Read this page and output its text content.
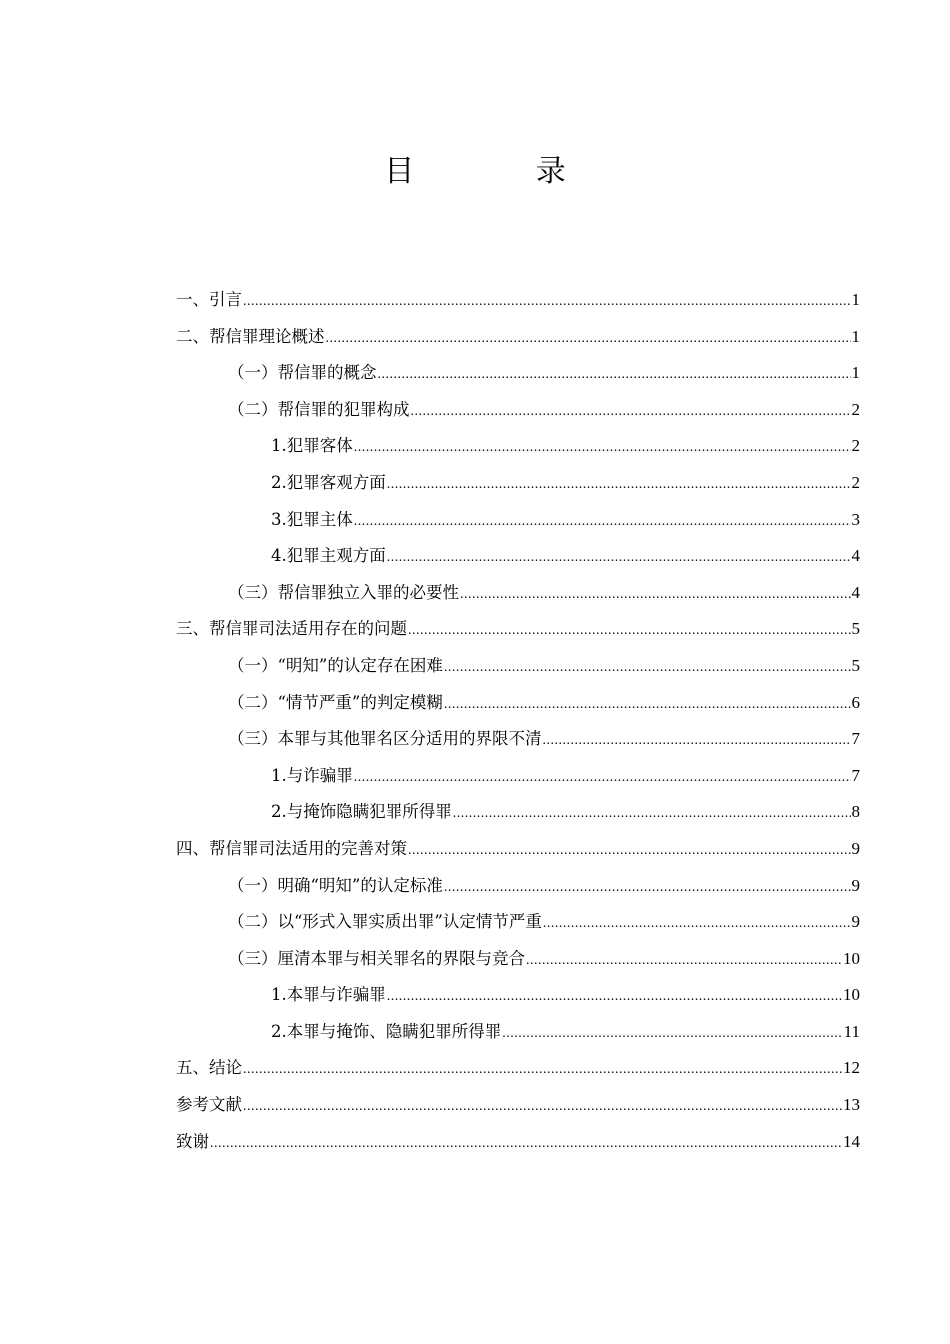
目 录
一、引言 .....	1
二、帮信罪理论概述 .....	1
（一）帮信罪的概念 .....	1
（二）帮信罪的犯罪构成 .....	2
1.犯罪客体 .....	2
2.犯罪客观方面 .....	2
3.犯罪主体 .....	3
4.犯罪主观方面 .....	4
（三）帮信罪独立入罪的必要性 .....	4
三、帮信罪司法适用存在的问题 .....	5
（一）“明知”的认定存在困难 .....	5
（二）“情节严重”的判定模糊 .....	6
（三）本罪与其他罪名区分适用的界限不清 .....	7
1.与诈骗罪 .....	7
2.与掩饰隐瞒犯罪所得罪 .....	8
四、帮信罪司法适用的完善对策 .....	9
（一）明确“明知”的认定标准 .....	9
（二）以“形式入罪实质出罪”认定情节严重 .....	9
（三）厘清本罪与相关罪名的界限与竞合 .....	10
1.本罪与诈骗罪 .....	10
2.本罪与掩饰、隐瞒犯罪所得罪 .....	11
五、结论 .....	12
参考文献 .....	13
致谢 .....	14
